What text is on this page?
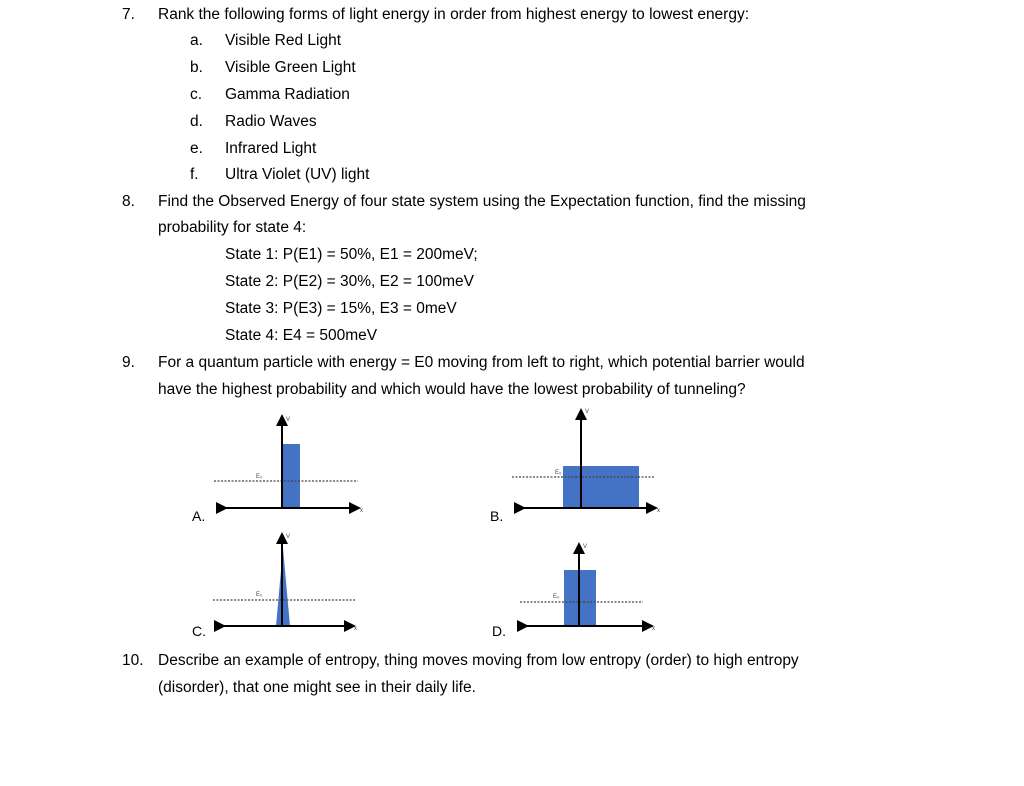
7. Rank the following forms of light energy in order from highest energy to lowest energy:
a. Visible Red Light
b. Visible Green Light
c. Gamma Radiation
d. Radio Waves
e. Infrared Light
f. Ultra Violet (UV) light
8. Find the Observed Energy of four state system using the Expectation function, find the missing
probability for state 4:
State 1: P(E1) = 50%, E1 = 200meV;
State 2: P(E2) = 30%, E2 = 100meV
State 3: P(E3) = 15%, E3 = 0meV
State 4: E4 = 500meV
9. For a quantum particle with energy = E0 moving from left to right, which potential barrier would
have the highest probability and which would have the lowest probability of tunneling?
V
x
E₀
V
x
E₀
V
x
E₀
V
x
E₀
A.	B.
C.	D.
10. Describe an example of entropy, thing moves moving from low entropy (order) to high entropy
(disorder), that one might see in their daily life.
